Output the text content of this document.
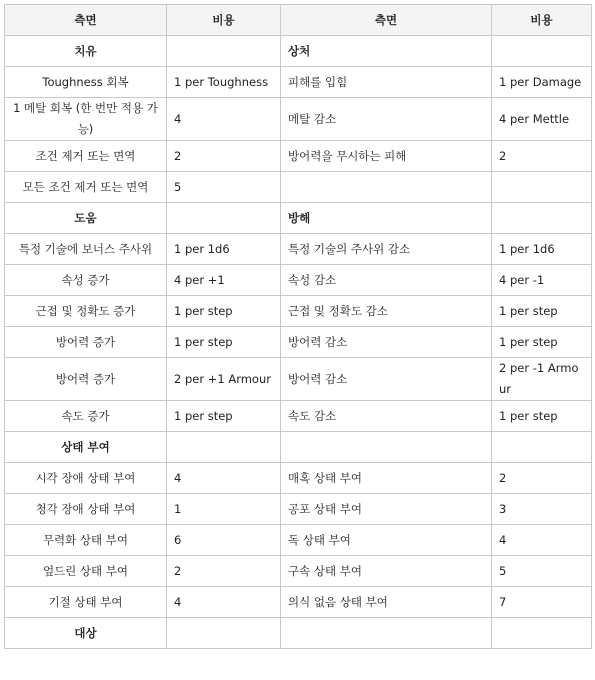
측면	비용	측면	비용
치유		상처	
Toughness 회복	1 per Toughness	피해를 입힘	1 per Damage
1 메탈 회복 (한 번만 적용 가능)	4	메탈 감소	4 per Mettle
조건 제거 또는 면역	2	방어력을 무시하는 피해	2
모든 조건 제거 또는 면역	5		
도움		방해	
특정 기술에 보너스 주사위	1 per 1d6	특정 기술의 주사위 감소	1 per 1d6
속성 증가	4 per +1	속성 감소	4 per -1
근접 및 정확도 증가	1 per step	근접 및 정확도 감소	1 per step
방어력 증가	1 per step	방어력 감소	1 per step
방어력 증가	2 per +1 Armour	방어력 감소	2 per -1 Armour
속도 증가	1 per step	속도 감소	1 per step
상태 부여			
시각 장애 상태 부여	4	매혹 상태 부여	2
청각 장애 상태 부여	1	공포 상태 부여	3
무력화 상태 부여	6	독 상태 부여	4
엎드린 상태 부여	2	구속 상태 부여	5
기절 상태 부여	4	의식 없음 상태 부여	7
대상			
